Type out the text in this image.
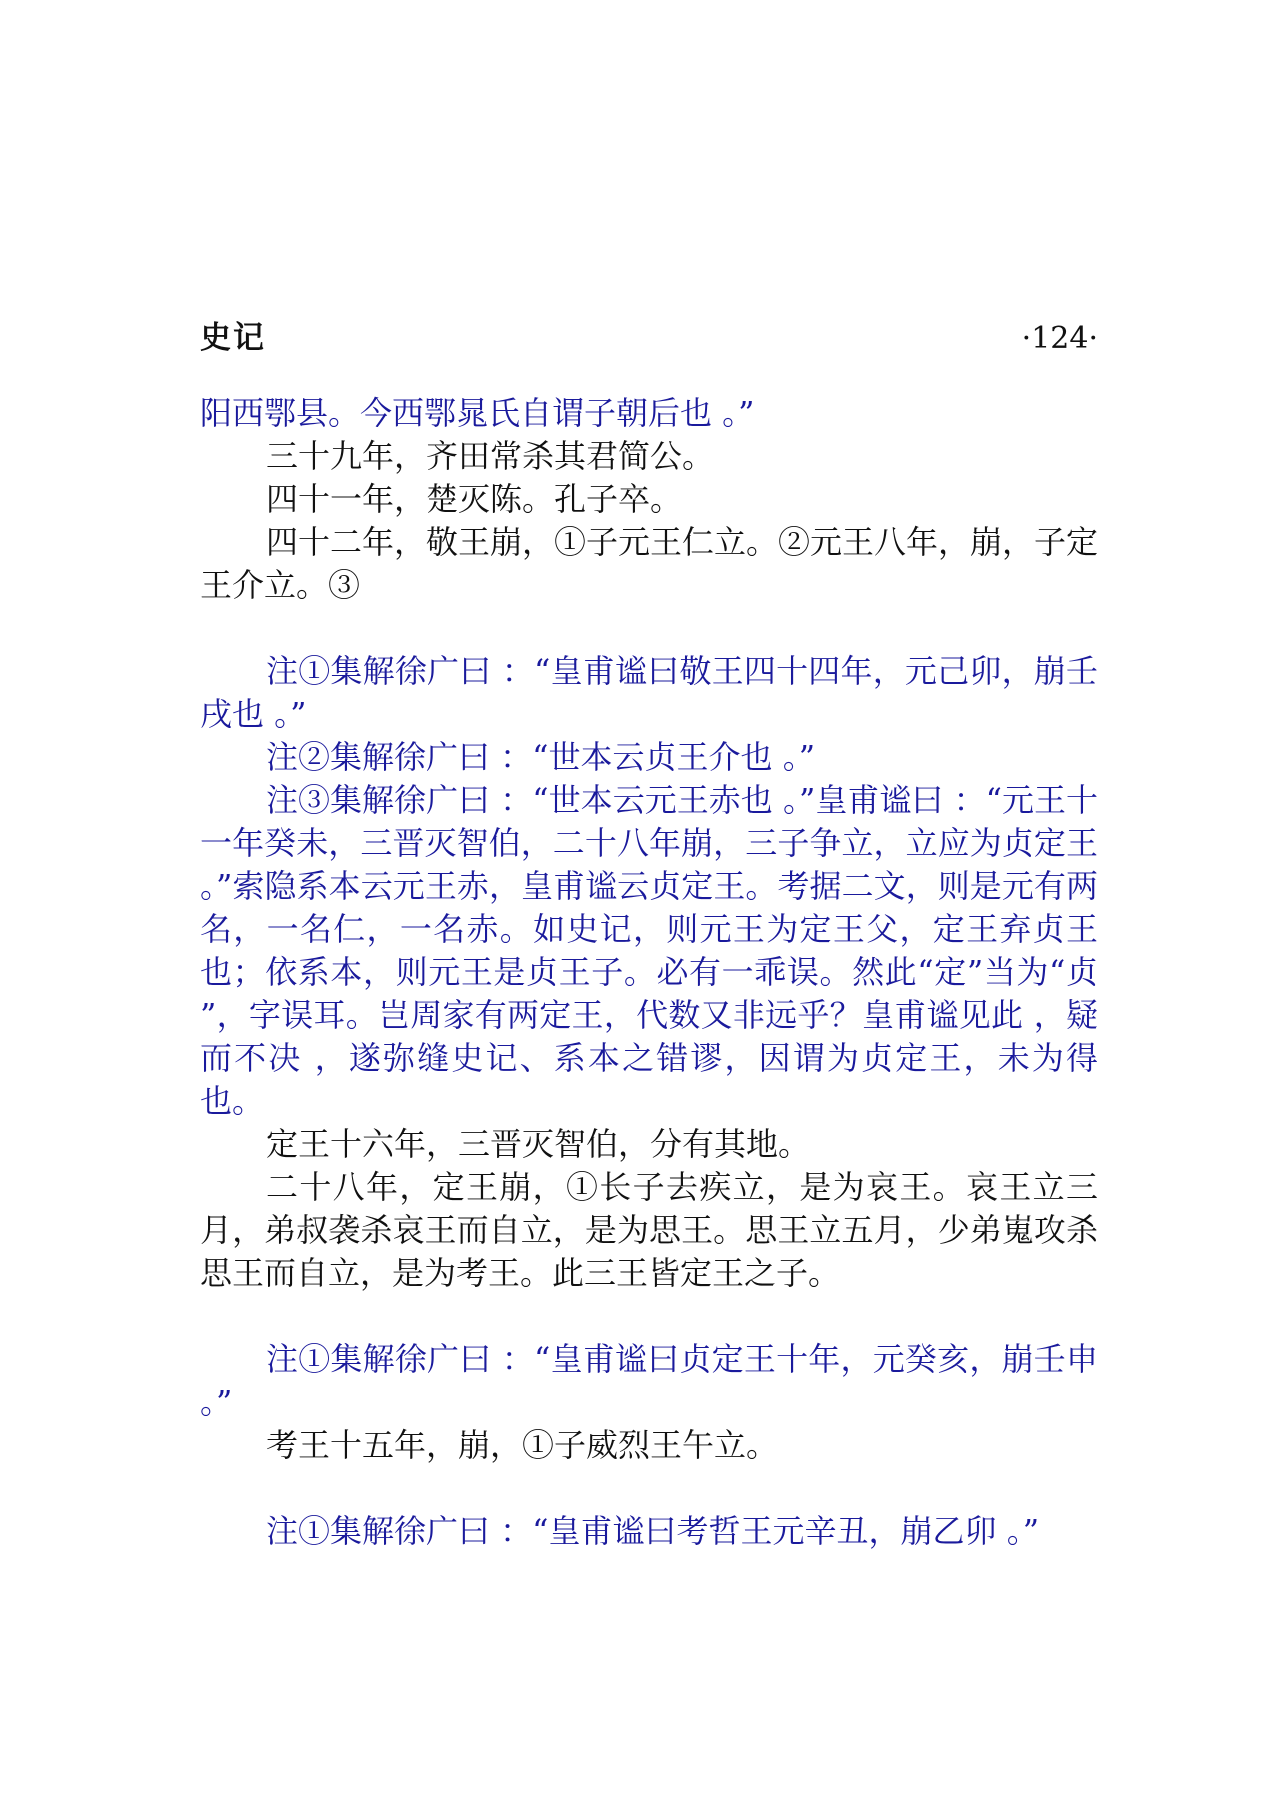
史记	·124·

阳西鄂县。今西鄂晁氏自谓子朝后也 。”

三十九年，齐田常杀其君简公。

四十一年，楚灭陈。孔子卒。

四十二年，敬王崩，①子元王仁立。②元王八年，崩，子定王介立。③

注①集解徐广曰 ：“皇甫谧曰敬王四十四年，元己卯，崩壬戌也 。”

注②集解徐广曰 ：“世本云贞王介也 。”

注③集解徐广曰 ：“世本云元王赤也 。”皇甫谧曰 ：“元王十一年癸未，三晋灭智伯，二十八年崩，三子争立，立应为贞定王 。”索隐系本云元王赤，皇甫谧云贞定王。考据二文，则是元有两名，一名仁，一名赤。如史记，则元王为定王父，定王弃贞王也；依系本，则元王是贞王子。必有一乖误。然此“定”当为“贞 ”，字误耳。岂周家有两定王，代数又非远乎？皇甫谧见此 ，疑而不决 ，遂弥缝史记、系本之错谬，因谓为贞定王，未为得也。

定王十六年，三晋灭智伯，分有其地。

二十八年，定王崩，①长子去疾立，是为哀王。哀王立三月，弟叔袭杀哀王而自立，是为思王。思王立五月，少弟嵬攻杀思王而自立，是为考王。此三王皆定王之子。

注①集解徐广曰 ：“皇甫谧曰贞定王十年，元癸亥，崩壬申 。”

考王十五年，崩，①子威烈王午立。

注①集解徐广曰 ：“皇甫谧曰考哲王元辛丑，崩乙卯 。”
